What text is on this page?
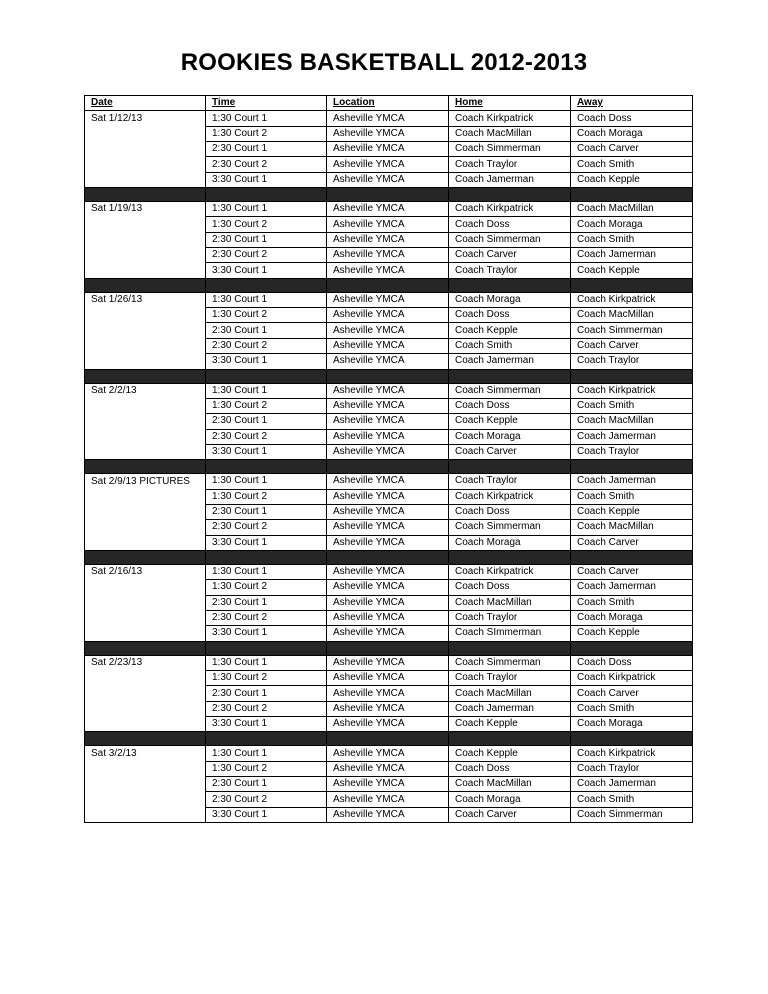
ROOKIES BASKETBALL 2012-2013
Date	Time	Location	Home	Away
Sat 1/12/13	1:30 Court 1	Asheville YMCA	Coach Kirkpatrick	Coach Doss
	1:30 Court 2	Asheville YMCA	Coach MacMillan	Coach Moraga
	2:30 Court 1	Asheville YMCA	Coach Simmerman	Coach Carver
	2:30 Court 2	Asheville YMCA	Coach Traylor	Coach Smith
	3:30 Court 1	Asheville YMCA	Coach Jamerman	Coach Kepple

Sat 1/19/13	1:30 Court 1	Asheville YMCA	Coach Kirkpatrick	Coach MacMillan
	1:30 Court 2	Asheville YMCA	Coach Doss	Coach Moraga
	2:30 Court 1	Asheville YMCA	Coach Simmerman	Coach Smith
	2:30 Court 2	Asheville YMCA	Coach Carver	Coach Jamerman
	3:30 Court 1	Asheville YMCA	Coach Traylor	Coach Kepple

Sat 1/26/13	1:30 Court 1	Asheville YMCA	Coach Moraga	Coach Kirkpatrick
	1:30 Court 2	Asheville YMCA	Coach Doss	Coach MacMillan
	2:30 Court 1	Asheville YMCA	Coach Kepple	Coach Simmerman
	2:30 Court 2	Asheville YMCA	Coach Smith	Coach Carver
	3:30 Court 1	Asheville YMCA	Coach Jamerman	Coach Traylor

Sat 2/2/13	1:30 Court 1	Asheville YMCA	Coach Simmerman	Coach Kirkpatrick
	1:30 Court 2	Asheville YMCA	Coach Doss	Coach Smith
	2:30 Court 1	Asheville YMCA	Coach Kepple	Coach MacMillan
	2:30 Court 2	Asheville YMCA	Coach Moraga	Coach Jamerman
	3:30 Court 1	Asheville YMCA	Coach Carver	Coach Traylor

Sat 2/9/13 PICTURES	1:30 Court 1	Asheville YMCA	Coach Traylor	Coach Jamerman
	1:30 Court 2	Asheville YMCA	Coach Kirkpatrick	Coach Smith
	2:30 Court 1	Asheville YMCA	Coach Doss	Coach Kepple
	2:30 Court 2	Asheville YMCA	Coach Simmerman	Coach MacMillan
	3:30 Court 1	Asheville YMCA	Coach Moraga	Coach Carver

Sat 2/16/13	1:30 Court 1	Asheville YMCA	Coach Kirkpatrick	Coach Carver
	1:30 Court 2	Asheville YMCA	Coach Doss	Coach Jamerman
	2:30 Court 1	Asheville YMCA	Coach MacMillan	Coach Smith
	2:30 Court 2	Asheville YMCA	Coach Traylor	Coach Moraga
	3:30 Court 1	Asheville YMCA	Coach SImmerman	Coach Kepple

Sat 2/23/13	1:30 Court 1	Asheville YMCA	Coach Simmerman	Coach Doss
	1:30 Court 2	Asheville YMCA	Coach Traylor	Coach Kirkpatrick
	2:30 Court 1	Asheville YMCA	Coach MacMillan	Coach Carver
	2:30 Court 2	Asheville YMCA	Coach Jamerman	Coach Smith
	3:30 Court 1	Asheville YMCA	Coach Kepple	Coach Moraga

Sat 3/2/13	1:30 Court 1	Asheville YMCA	Coach Kepple	Coach Kirkpatrick
	1:30 Court 2	Asheville YMCA	Coach Doss	Coach Traylor
	2:30 Court 1	Asheville YMCA	Coach MacMillan	Coach Jamerman
	2:30 Court 2	Asheville YMCA	Coach Moraga	Coach Smith
	3:30 Court 1	Asheville YMCA	Coach Carver	Coach Simmerman
